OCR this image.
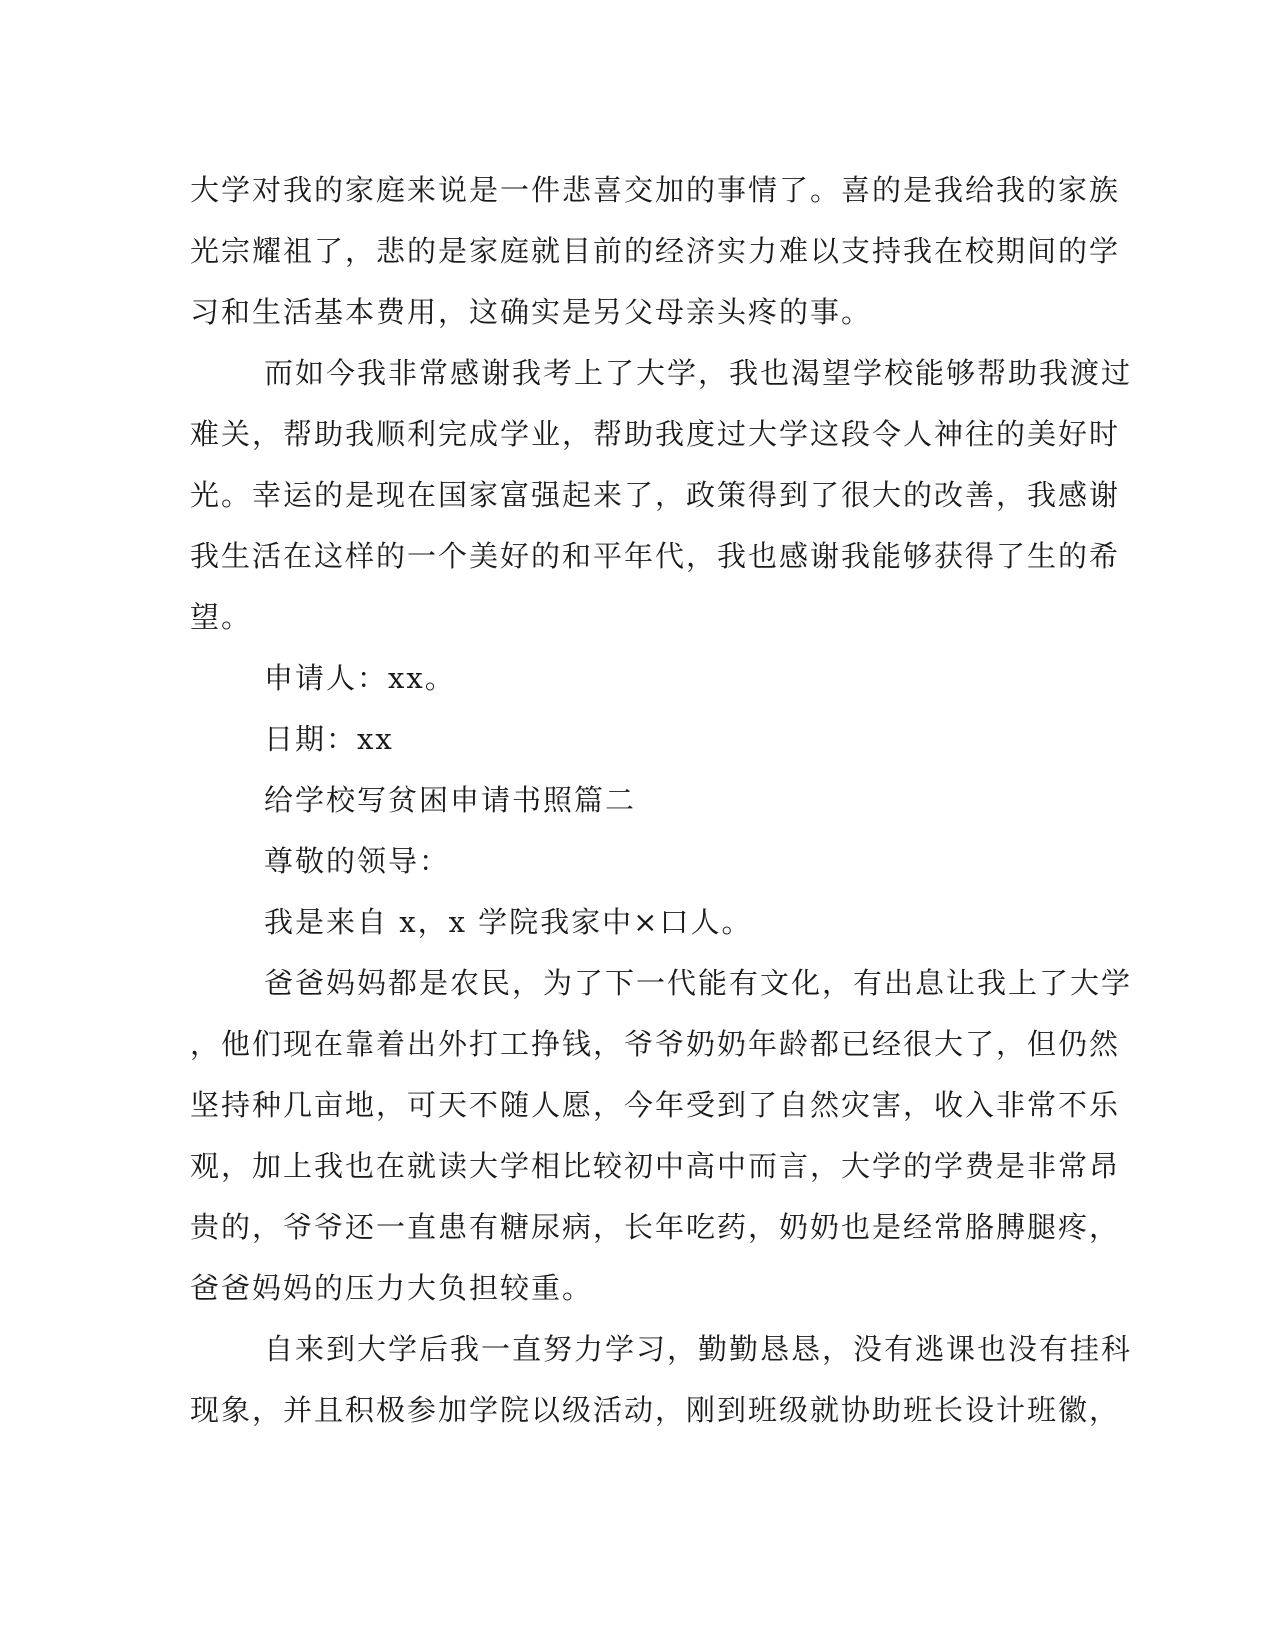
大学对我的家庭来说是一件悲喜交加的事情了。喜的是我给我的家族
光宗耀祖了，悲的是家庭就目前的经济实力难以支持我在校期间的学
习和生活基本费用，这确实是另父母亲头疼的事。

而如今我非常感谢我考上了大学，我也渴望学校能够帮助我渡过
难关，帮助我顺利完成学业，帮助我度过大学这段令人神往的美好时
光。幸运的是现在国家富强起来了，政策得到了很大的改善，我感谢
我生活在这样的一个美好的和平年代，我也感谢我能够获得了生的希
望。

申请人：xx。

日期：xx

给学校写贫困申请书照篇二

尊敬的领导：

我是来自 x，x 学院我家中×口人。

爸爸妈妈都是农民，为了下一代能有文化，有出息让我上了大学
，他们现在靠着出外打工挣钱，爷爷奶奶年龄都已经很大了，但仍然
坚持种几亩地，可天不随人愿，今年受到了自然灾害，收入非常不乐
观，加上我也在就读大学相比较初中高中而言，大学的学费是非常昂
贵的，爷爷还一直患有糖尿病，长年吃药，奶奶也是经常胳膊腿疼，
爸爸妈妈的压力大负担较重。

自来到大学后我一直努力学习，勤勤恳恳，没有逃课也没有挂科
现象，并且积极参加学院以级活动，刚到班级就协助班长设计班徽，
